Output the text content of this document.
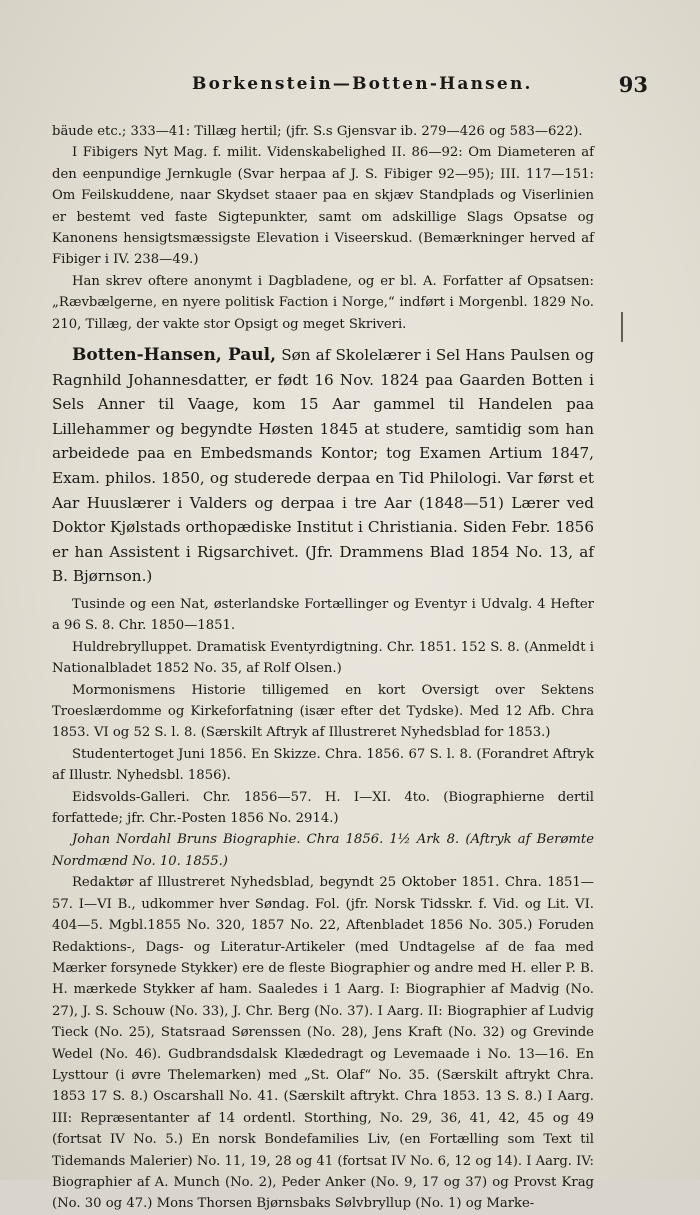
Borkenstein—Botten-Hansen.	93

bäude etc.; 333—41: Tillæg hertil; (jfr. S.s Gjensvar ib. 279—426 og 583—622).

I Fibigers Nyt Mag. f. milit. Videnskabelighed II. 86—92: Om Diameteren af den eenpundige Jernkugle (Svar herpaa af J. S. Fibiger 92—95); III. 117—151: Om Feilskuddene, naar Skydset staaer paa en skjæv Standplads og Viserlinien er bestemt ved faste Sigtepunkter, samt om adskillige Slags Opsatse og Kanonens hensigtsmæssigste Elevation i Viseerskud. (Bemærkninger herved af Fibiger i IV. 238—49.)

Han skrev oftere anonymt i Dagbladene, og er bl. A. Forfatter af Opsatsen: „Rævbælgerne, en nyere politisk Faction i Norge,“ indført i Morgenbl. 1829 No. 210, Tillæg, der vakte stor Opsigt og meget Skriveri.

Botten-Hansen, Paul, Søn af Skolelærer i Sel Hans Paulsen og Ragnhild Johannesdatter, er født 16 Nov. 1824 paa Gaarden Botten i Sels Anner til Vaage, kom 15 Aar gammel til Handelen paa Lillehammer og begyndte Høsten 1845 at studere, samtidig som han arbeidede paa en Embedsmands Kontor; tog Examen Artium 1847, Exam. philos. 1850, og studerede derpaa en Tid Philologi. Var først et Aar Huuslærer i Valders og derpaa i tre Aar (1848—51) Lærer ved Doktor Kjølstads orthopædiske Institut i Christiania. Siden Febr. 1856 er han Assistent i Rigsarchivet. (Jfr. Drammens Blad 1854 No. 13, af B. Bjørnson.)

Tusinde og een Nat, østerlandske Fortællinger og Eventyr i Udvalg. 4 Hefter a 96 S. 8. Chr. 1850—1851.

Huldrebrylluppet. Dramatisk Eventyrdigtning. Chr. 1851. 152 S. 8. (Anmeldt i Nationalbladet 1852 No. 35, af Rolf Olsen.)

Mormonismens Historie tilligemed en kort Oversigt over Sektens Troeslærdomme og Kirkeforfatning (især efter det Tydske). Med 12 Afb. Chra 1853. VI og 52 S. l. 8. (Særskilt Aftryk af Illustreret Nyhedsblad for 1853.)

Studentertoget Juni 1856. En Skizze. Chra. 1856. 67 S. l. 8. (Forandret Aftryk af Illustr. Nyhedsbl. 1856).

Eidsvolds-Galleri. Chr. 1856—57. H. I—XI. 4to. (Biographierne dertil forfattede; jfr. Chr.-Posten 1856 No. 2914.)

Johan Nordahl Bruns Biographie. Chra 1856. 1½ Ark 8. (Aftryk af Berømte Nordmænd No. 10. 1855.)

Redaktør af Illustreret Nyhedsblad, begyndt 25 Oktober 1851. Chra. 1851—57. I—VI B., udkommer hver Søndag. Fol. (jfr. Norsk Tidsskr. f. Vid. og Lit. VI. 404—5. Mgbl.1855 No. 320, 1857 No. 22, Aftenbladet 1856 No. 305.) Foruden Redaktions-, Dags- og Literatur-Artikeler (med Undtagelse af de faa med Mærker forsynede Stykker) ere de fleste Biographier og andre med H. eller P. B. H. mærkede Stykker af ham. Saaledes i 1 Aarg. I: Biographier af Madvig (No. 27), J. S. Schouw (No. 33), J. Chr. Berg (No. 37). I Aarg. II: Biographier af Ludvig Tieck (No. 25), Statsraad Sørenssen (No. 28), Jens Kraft (No. 32) og Grevinde Wedel (No. 46). Gudbrandsdalsk Klædedragt og Levemaade i No. 13—16. En Lysttour (i øvre Thelemarken) med „St. Olaf“ No. 35. (Særskilt aftrykt Chra. 1853 17 S. 8.) Oscarshall No. 41. (Særskilt aftrykt. Chra 1853. 13 S. 8.) I Aarg. III: Repræsentanter af 14 ordentl. Storthing, No. 29, 36, 41, 42, 45 og 49 (fortsat IV No. 5.) En norsk Bondefamilies Liv, (en Fortælling som Text til Tidemands Malerier) No. 11, 19, 28 og 41 (fortsat IV No. 6, 12 og 14). I Aarg. IV: Biographier af A. Munch (No. 2), Peder Anker (No. 9, 17 og 37) og Provst Krag (No. 30 og 47.) Mons Thorsen Bjørnsbaks Sølvbryllup (No. 1) og Marke-
